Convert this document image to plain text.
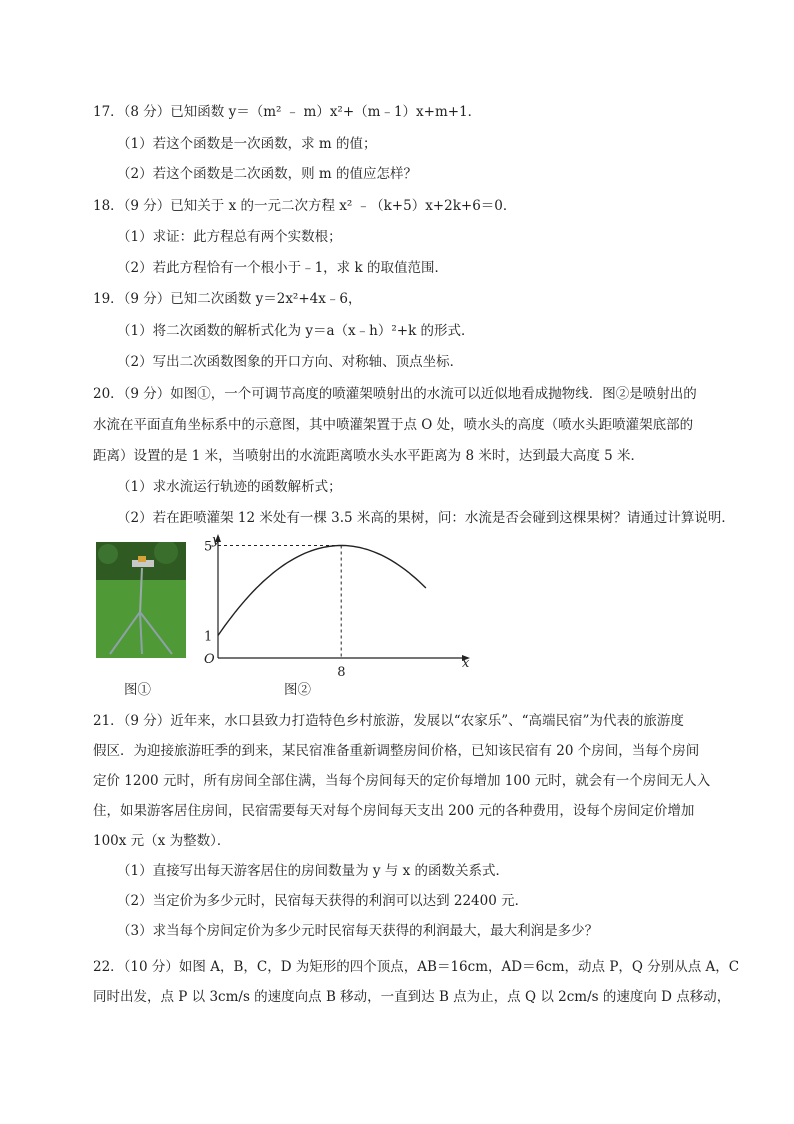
17．（8 分）已知函数 y＝（m² ﹣ m）x²+（m﹣1）x+m+1．
（1）若这个函数是一次函数，求 m 的值；
（2）若这个函数是二次函数，则 m 的值应怎样？
18．（9 分）已知关于 x 的一元二次方程 x² ﹣（k+5）x+2k+6＝0．
（1）求证：此方程总有两个实数根；
（2）若此方程恰有一个根小于﹣1，求 k 的取值范围．
19．（9 分）已知二次函数 y＝2x²+4x﹣6，
（1）将二次函数的解析式化为 y＝a（x﹣h）²+k 的形式．
（2）写出二次函数图象的开口方向、对称轴、顶点坐标．
20．（9 分）如图①，一个可调节高度的喷灌架喷射出的水流可以近似地看成抛物线．图②是喷射出的
水流在平面直角坐标系中的示意图，其中喷灌架置于点 O 处，喷水头的高度（喷水头距喷灌架底部的
距离）设置的是 1 米，当喷射出的水流距离喷水头水平距离为 8 米时，达到最大高度 5 米．
（1）求水流运行轨迹的函数解析式；
（2）若在距喷灌架 12 米处有一棵 3.5 米高的果树，问：水流是否会碰到这棵果树？请通过计算说明．
图①
x
y
O
5
1
8
图②
21．（9 分）近年来，水口县致力打造特色乡村旅游，发展以“农家乐”、“高端民宿”为代表的旅游度
假区．为迎接旅游旺季的到来，某民宿准备重新调整房间价格，已知该民宿有 20 个房间，当每个房间
定价 1200 元时，所有房间全部住满，当每个房间每天的定价每增加 100 元时，就会有一个房间无人入
住，如果游客居住房间，民宿需要每天对每个房间每天支出 200 元的各种费用，设每个房间定价增加
100x 元（x 为整数）．
（1）直接写出每天游客居住的房间数量为 y 与 x 的函数关系式．
（2）当定价为多少元时，民宿每天获得的利润可以达到 22400 元．
（3）求当每个房间定价为多少元时民宿每天获得的利润最大，最大利润是多少？
22．（10 分）如图 A，B，C，D 为矩形的四个顶点，AB＝16cm，AD＝6cm，动点 P，Q 分别从点 A，C
同时出发，点 P 以 3cm/s 的速度向点 B 移动，一直到达 B 点为止，点 Q 以 2cm/s 的速度向 D 点移动，
